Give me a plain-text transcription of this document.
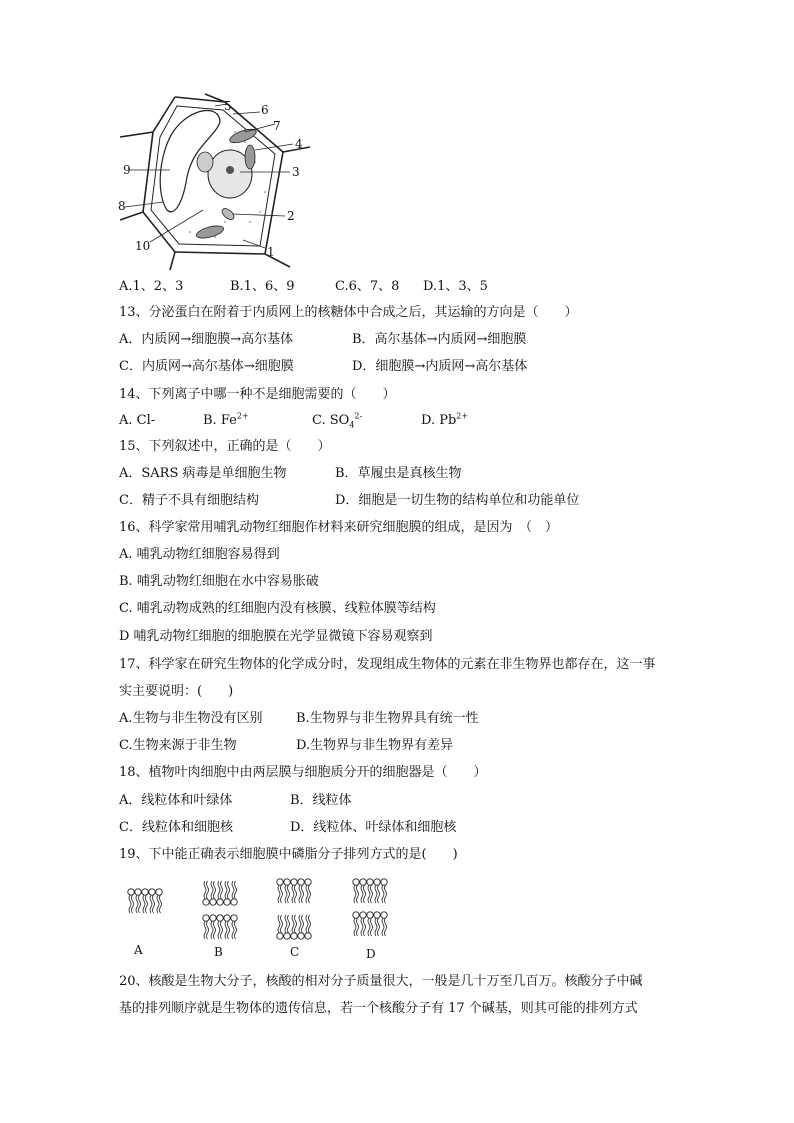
1
2
3
4
5 6
7
8
9
10
A.1、2、3	B.1、6、9	C.6、7、8 D.1、3、5
13、分泌蛋白在附着于内质网上的核糖体中合成之后，其运输的方向是（　　）
A．内质网→细胞膜→高尔基体	B．高尔基体→内质网→细胞膜
C．内质网→高尔基体→细胞膜	D．细胞膜→内质网→高尔基体
14、下列离子中哪一种不是细胞需要的（　　）
A. Cl-	B. $Fe^{2+}$	C. $SO_4^{2-}$	D. $Pb^{2+}$
15、下列叙述中，正确的是（　　）
A．SARS 病毒是单细胞生物	B．草履虫是真核生物
C．精子不具有细胞结构	D．细胞是一切生物的结构单位和功能单位
16、科学家常用哺乳动物红细胞作材料来研究细胞膜的组成，是因为　（　）
A. 哺乳动物红细胞容易得到
B. 哺乳动物红细胞在水中容易胀破
C. 哺乳动物成熟的红细胞内没有核膜、线粒体膜等结构
D 哺乳动物红细胞的细胞膜在光学显微镜下容易观察到
17、科学家在研究生物体的化学成分时，发现组成生物体的元素在非生物界也都存在，这一事
实主要说明：(　　)
A.生物与非生物没有区别	B.生物界与非生物界具有统一性
C.生物来源于非生物	D.生物界与非生物界有差异
18、植物叶肉细胞中由两层膜与细胞质分开的细胞器是（　　）
A．线粒体和叶绿体	B．线粒体
C．线粒体和细胞核	D．线粒体、叶绿体和细胞核
19、下中能正确表示细胞膜中磷脂分子排列方式的是(　　)
A	B	C	D
20、核酸是生物大分子，核酸的相对分子质量很大，一般是几十万至几百万。核酸分子中碱
基的排列顺序就是生物体的遗传信息，若一个核酸分子有 17 个碱基，则其可能的排列方式
